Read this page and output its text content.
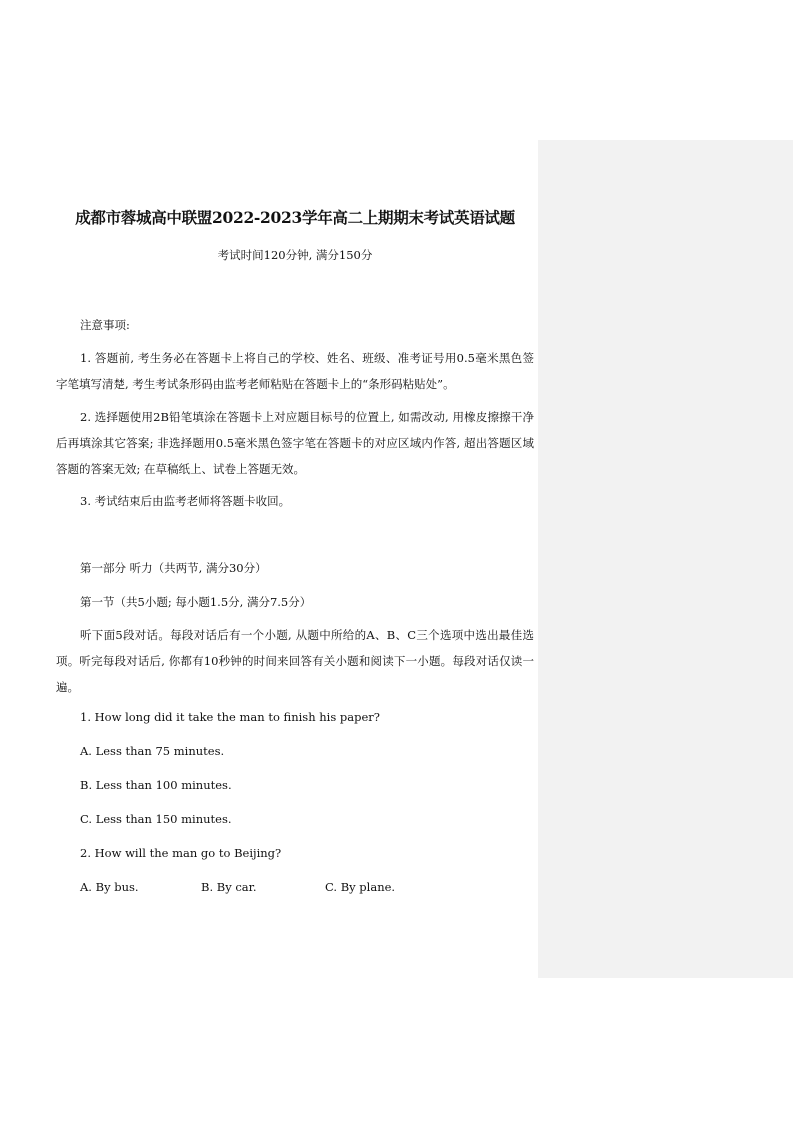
成都市蓉城高中联盟2022-2023学年高二上期期末考试英语试题
考试时间120分钟, 满分150分
注意事项:
1. 答题前, 考生务必在答题卡上将自己的学校、姓名、班级、准考证号用0.5毫米黑色签字笔填写清楚, 考生考试条形码由监考老师粘贴在答题卡上的“条形码粘贴处”。
2. 选择题使用2B铅笔填涂在答题卡上对应题目标号的位置上, 如需改动, 用橡皮擦擦干净后再填涂其它答案; 非选择题用0.5毫米黑色签字笔在答题卡的对应区域内作答, 超出答题区域答题的答案无效; 在草稿纸上、试卷上答题无效。
3. 考试结束后由监考老师将答题卡收回。
第一部分 听力（共两节, 满分30分）
第一节（共5小题; 每小题1.5分, 满分7.5分）
听下面5段对话。每段对话后有一个小题, 从题中所给的A、B、C三个选项中选出最佳选项。听完每段对话后, 你都有10秒钟的时间来回答有关小题和阅读下一小题。每段对话仅读一遍。
1. How long did it take the man to finish his paper?
A. Less than 75 minutes.
B. Less than 100 minutes.
C. Less than 150 minutes.
2. How will the man go to Beijing?
A. By bus.	B. By car.	C. By plane.
